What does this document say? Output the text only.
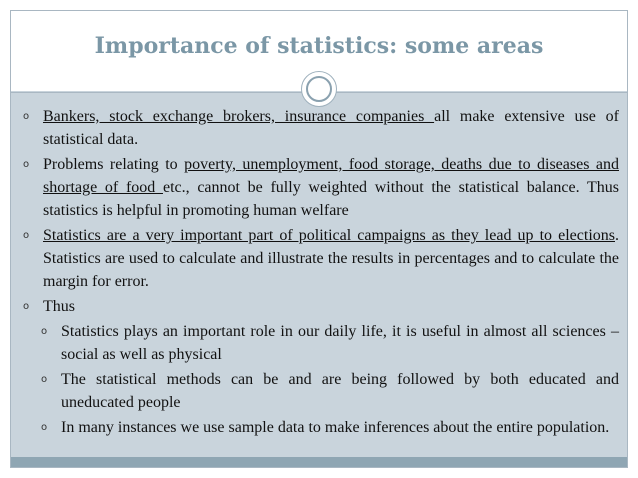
Importance of statistics: some areas
o Bankers, stock exchange brokers, insurance companies all make extensive use of statistical data.
o Problems relating to poverty, unemployment, food storage, deaths due to diseases and shortage of food etc., cannot be fully weighted without the statistical balance. Thus statistics is helpful in promoting human welfare
o Statistics are a very important part of political campaigns as they lead up to elections. Statistics are used to calculate and illustrate the results in percentages and to calculate the margin for error.
o Thus
o Statistics plays an important role in our daily life, it is useful in almost all sciences – social as well as physical
o The statistical methods can be and are being followed by both educated and uneducated people
o In many instances we use sample data to make inferences about the entire population.
